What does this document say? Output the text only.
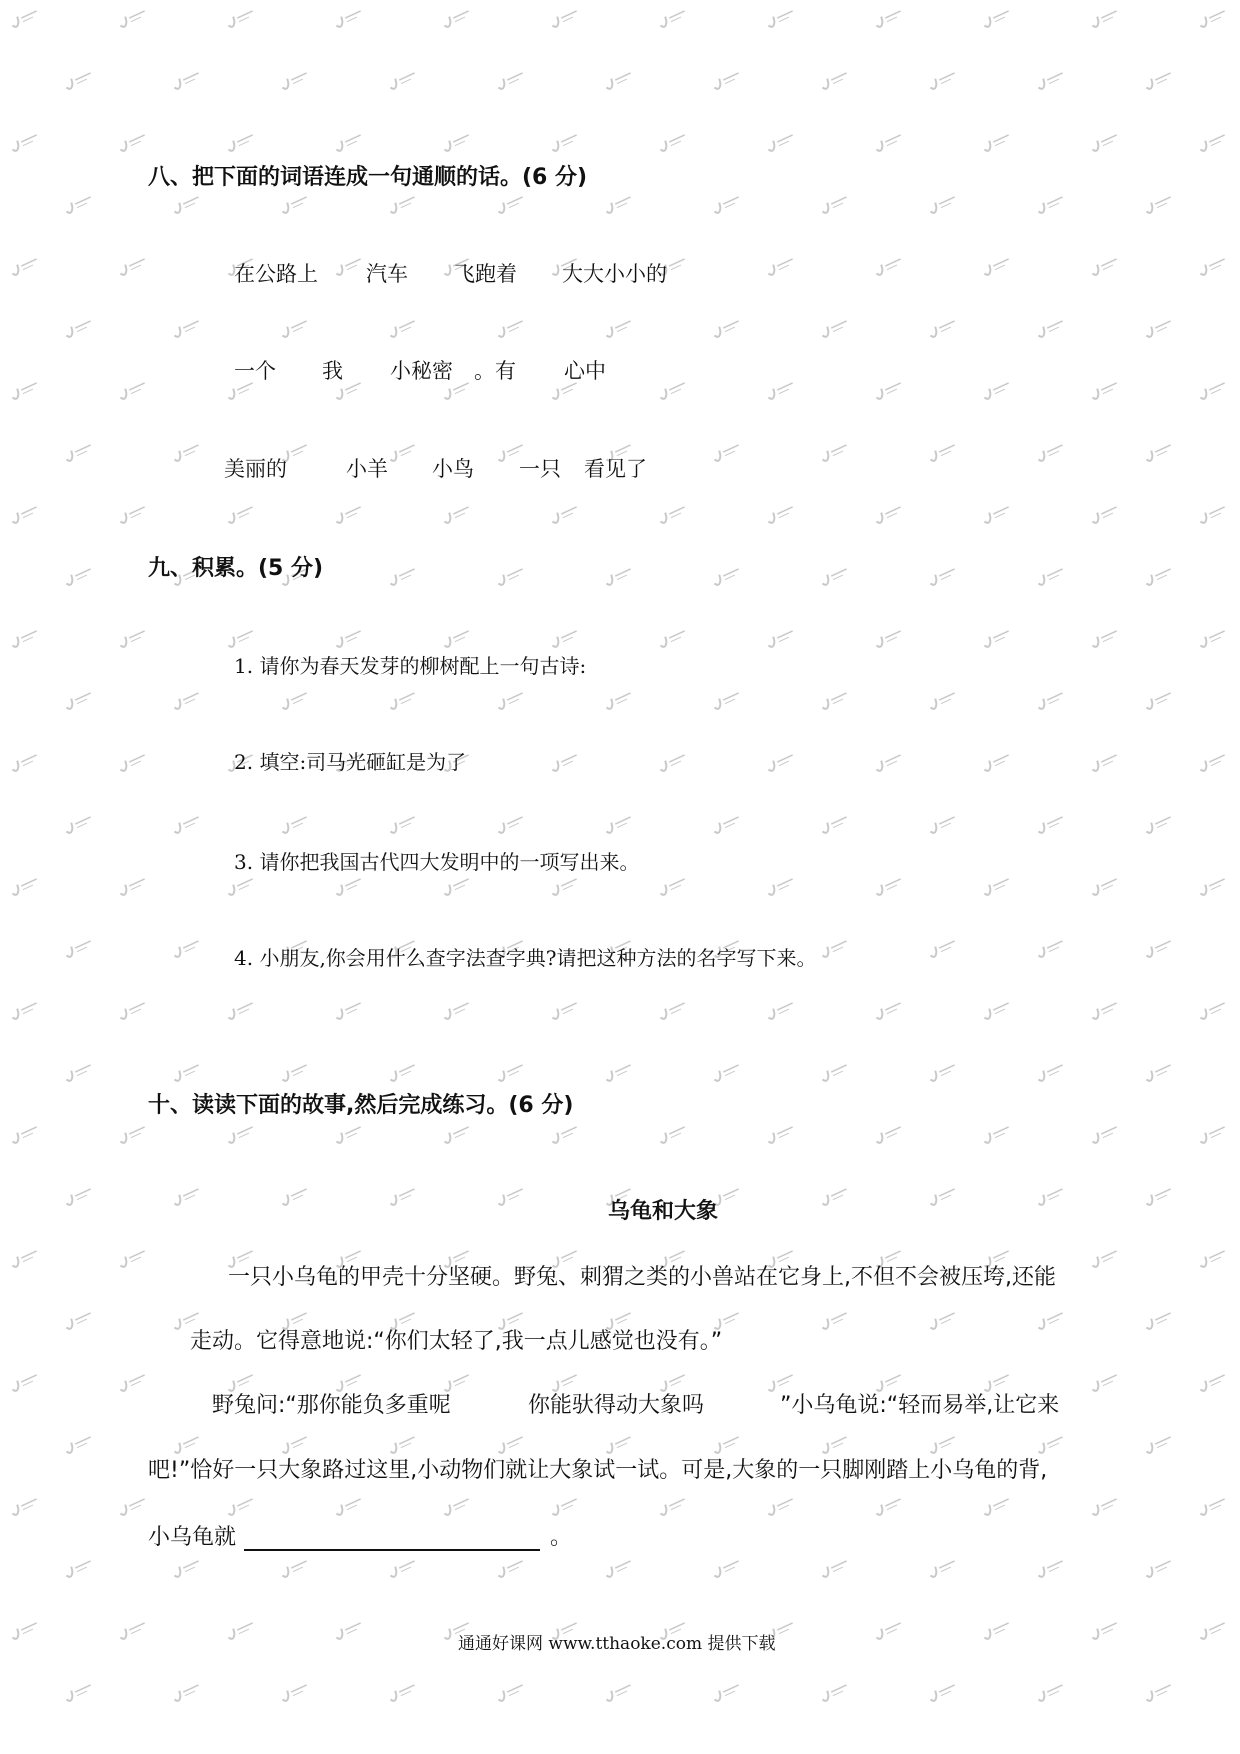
八、把下面的词语连成一句通顺的话。(6 分)
在公路上 汽车 飞跑着 大大小小的
一个 我 小秘密 。有 心中
美丽的	小羊 小鸟 一只 看见了
九、积累。(5 分)
1. 请你为春天发芽的柳树配上一句古诗:
2. 填空:司马光砸缸是为了
3. 请你把我国古代四大发明中的一项写出来。
4. 小朋友,你会用什么查字法查字典?请把这种方法的名字写下来。
十、读读下面的故事,然后完成练习。(6 分)
乌龟和大象
一只小乌龟的甲壳十分坚硬。野兔、刺猬之类的小兽站在它身上,不但不会被压垮,还能
走动。它得意地说:“你们太轻了,我一点儿感觉也没有。”
野兔问:“那你能负多重呢	你能驮得动大象吗	”小乌龟说:“轻而易举,让它来
吧!”恰好一只大象路过这里,小动物们就让大象试一试。可是,大象的一只脚刚踏上小乌龟的背,
小乌龟就	。
通通好课网 www.tthaoke.com 提供下载
